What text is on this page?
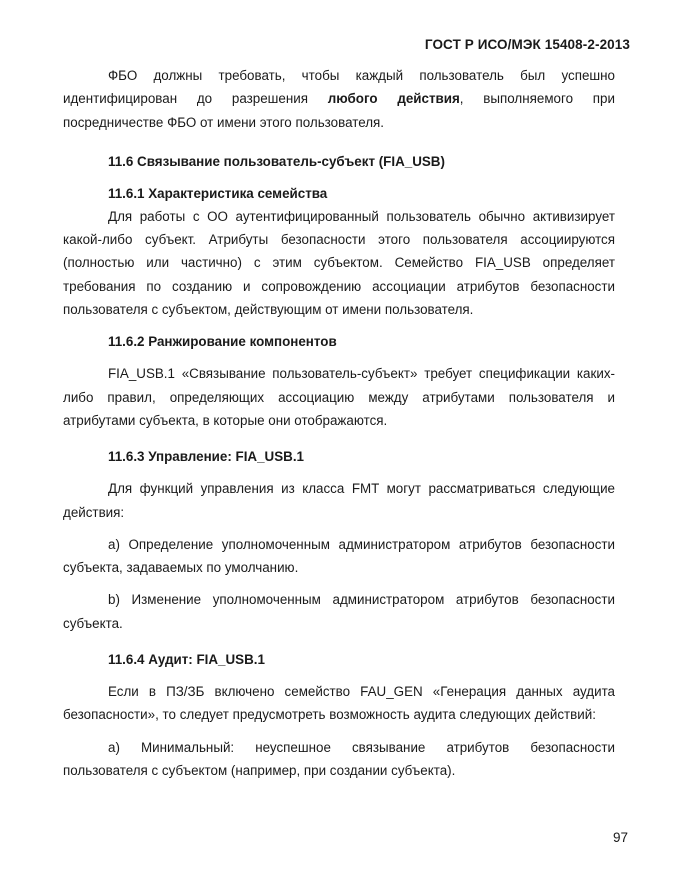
ГОСТ Р ИСО/МЭК 15408-2-2013

ФБО должны требовать, чтобы каждый пользователь был успешно идентифицирован до разрешения любого действия, выполняемого при посредничестве ФБО от имени этого пользователя.

11.6 Связывание пользователь-субъект (FIA_USB)
11.6.1 Характеристика семейства

Для работы с ОО аутентифицированный пользователь обычно активизирует какой-либо субъект. Атрибуты безопасности этого пользователя ассоциируются (полностью или частично) с этим субъектом. Семейство FIA_USB определяет требования по созданию и сопровождению ассоциации атрибутов безопасности пользователя с субъектом, действующим от имени пользователя.

11.6.2 Ранжирование компонентов

FIA_USB.1 «Связывание пользователь-субъект» требует спецификации каких-либо правил, определяющих ассоциацию между атрибутами пользователя и атрибутами субъекта, в которые они отображаются.

11.6.3 Управление: FIA_USB.1

Для функций управления из класса FMT могут рассматриваться следующие действия:

a) Определение уполномоченным администратором атрибутов безопасности субъекта, задаваемых по умолчанию.

b) Изменение уполномоченным администратором атрибутов безопасности субъекта.

11.6.4 Аудит: FIA_USB.1

Если в ПЗ/ЗБ включено семейство FAU_GEN «Генерация данных аудита безопасности», то следует предусмотреть возможность аудита следующих действий:

а) Минимальный: неуспешное связывание атрибутов безопасности пользователя с субъектом (например, при создании субъекта).

97
